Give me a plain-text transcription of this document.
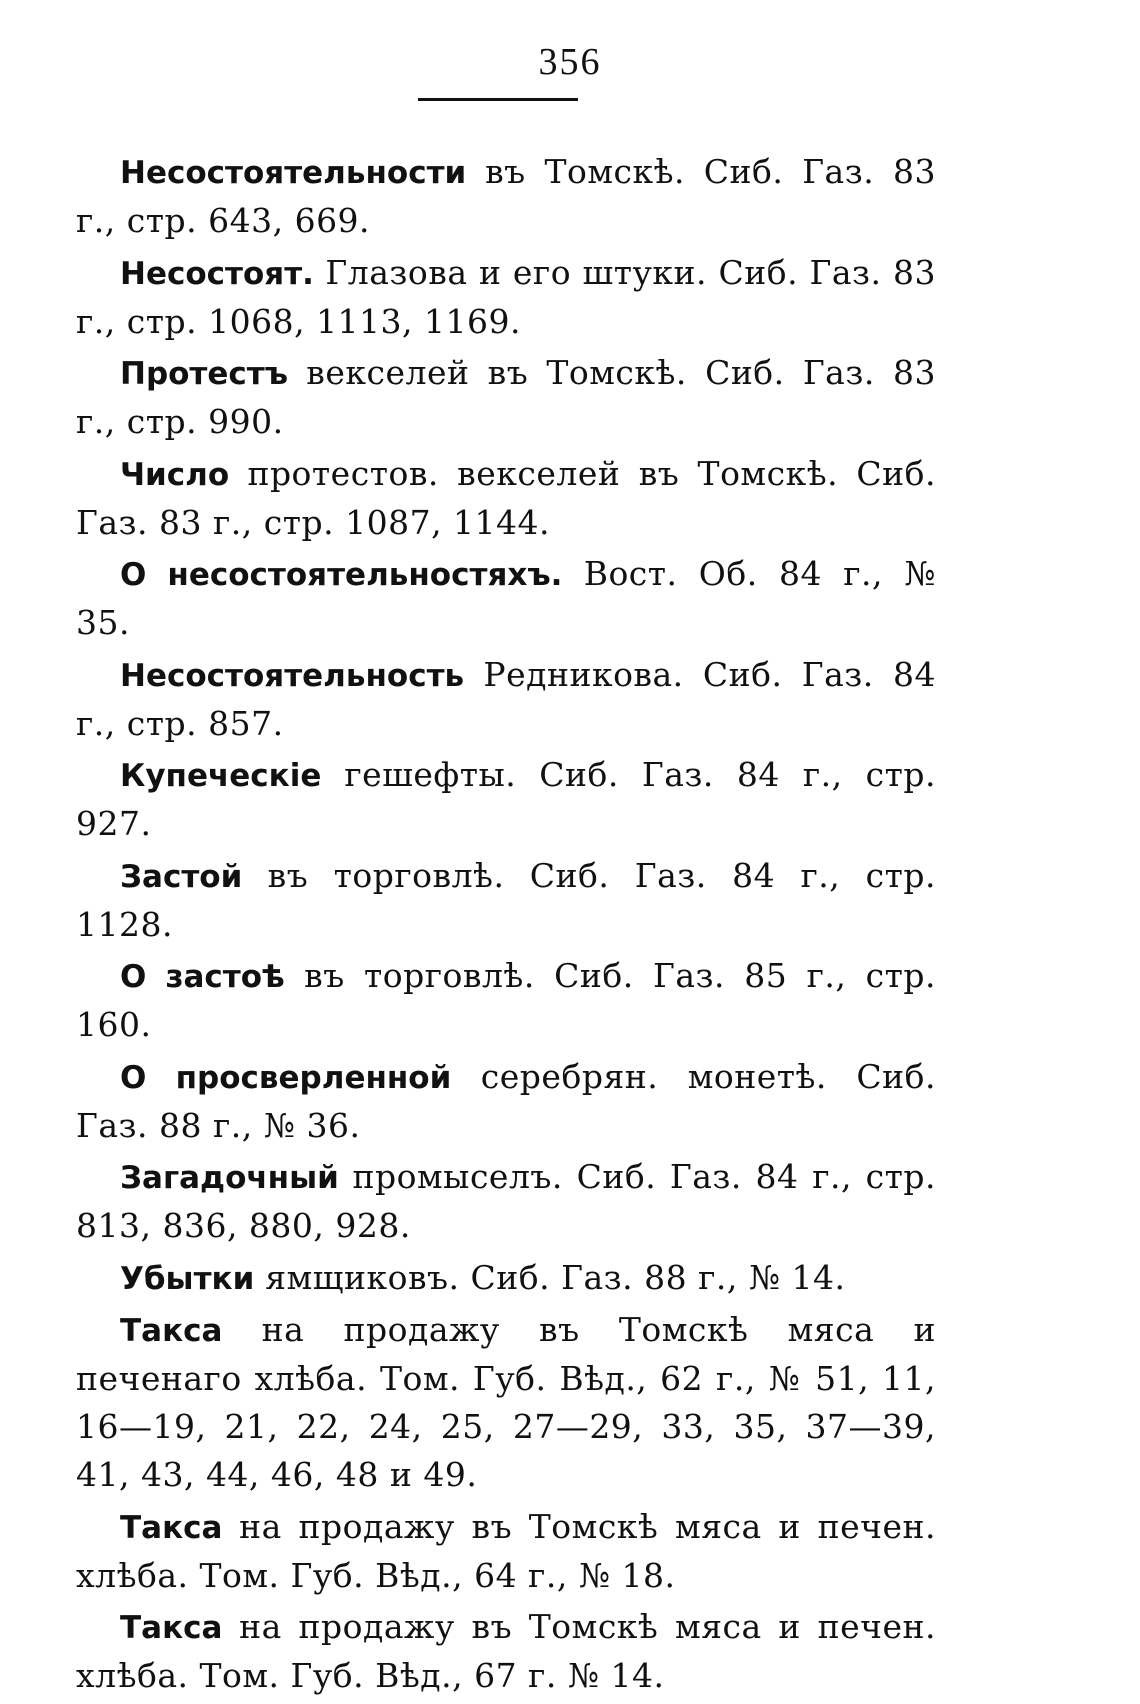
356

Несостоятельности въ Томскѣ. Сиб. Газ. 83 г., стр. 643, 669.

Несостоят. Глазова и его штуки. Сиб. Газ. 83 г., стр. 1068, 1113, 1169.

Протестъ векселей въ Томскѣ. Сиб. Газ. 83 г., стр. 990.

Число протестов. векселей въ Томскѣ. Сиб. Газ. 83 г., стр. 1087, 1144.

О несостоятельностяхъ. Вост. Об. 84 г., № 35.

Несостоятельность Редникова. Сиб. Газ. 84 г., стр. 857.

Купеческіе гешефты. Сиб. Газ. 84 г., стр. 927.

Застой въ торговлѣ. Сиб. Газ. 84 г., стр. 1128.

О застоѣ въ торговлѣ. Сиб. Газ. 85 г., стр. 160.

О просверленной серебрян. монетѣ. Сиб. Газ. 88 г., № 36.

Загадочный промыселъ. Сиб. Газ. 84 г., стр. 813, 836, 880, 928.

Убытки ямщиковъ. Сиб. Газ. 88 г., № 14.

Такса на продажу въ Томскѣ мяса и печенаго хлѣба. Том. Губ. Вѣд., 62 г., № 51, 11, 16—19, 21, 22, 24, 25, 27—29, 33, 35, 37—39, 41, 43, 44, 46, 48 и 49.

Такса на продажу въ Томскѣ мяса и печен. хлѣба. Том. Губ. Вѣд., 64 г., № 18.

Такса на продажу въ Томскѣ мяса и печен. хлѣба. Том. Губ. Вѣд., 67 г. № 14.
